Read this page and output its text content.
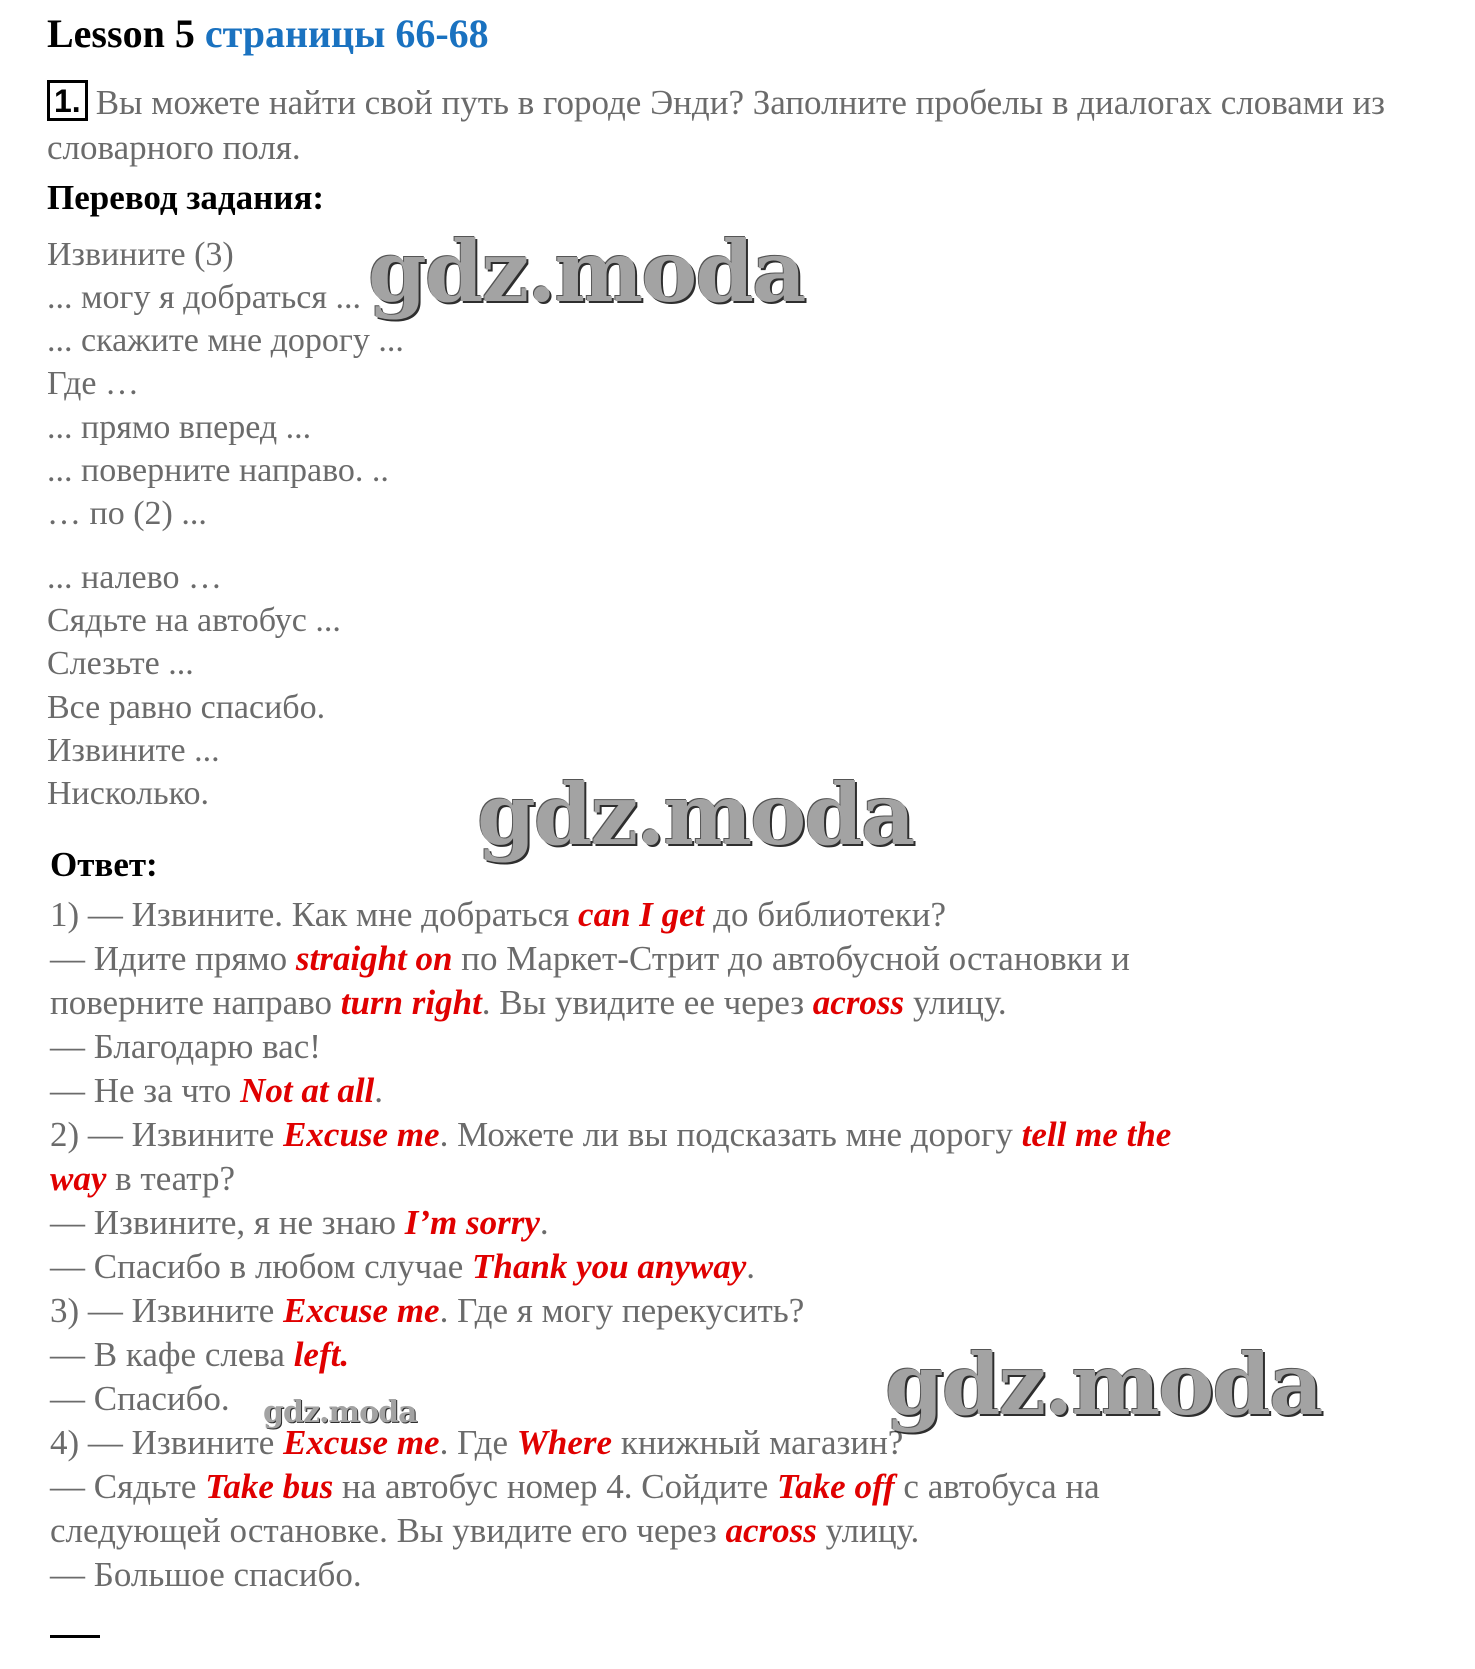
Lesson 5 страницы 66-68
1. Вы можете найти свой путь в городе Энди? Заполните пробелы в диалогах словами из словарного поля.
Перевод задания:
Извините (3)
... могу я добраться ...
... скажите мне дорогу ...
Где …
... прямо вперед ...
... поверните направо. ..
… по (2) ...
... налево …
Сядьте на автобус ...
Слезьте ...
Все равно спасибо.
Извините ...
Нисколько.
Ответ:
1) — Извините. Как мне добраться can I get до библиотеки?
— Идите прямо straight on по Маркет-Стрит до автобусной остановки и
поверните направо turn right. Вы увидите ее через across улицу.
— Благодарю вас!
— Не за что Not at all.
2) — Извините Excuse me. Можете ли вы подсказать мне дорогу tell me the
way в театр?
— Извините, я не знаю I’m sorry.
— Спасибо в любом случае Thank you anyway.
3) — Извините Excuse me. Где я могу перекусить?
— В кафе слева left.
— Спасибо.
4) — Извините Excuse me. Где Where книжный магазин?
— Сядьте Take bus на автобус номер 4. Сойдите Take off с автобуса на
следующей остановке. Вы увидите его через across улицу.
— Большое спасибо.
gdz.moda
gdz.moda
gdz.moda
gdz.moda
